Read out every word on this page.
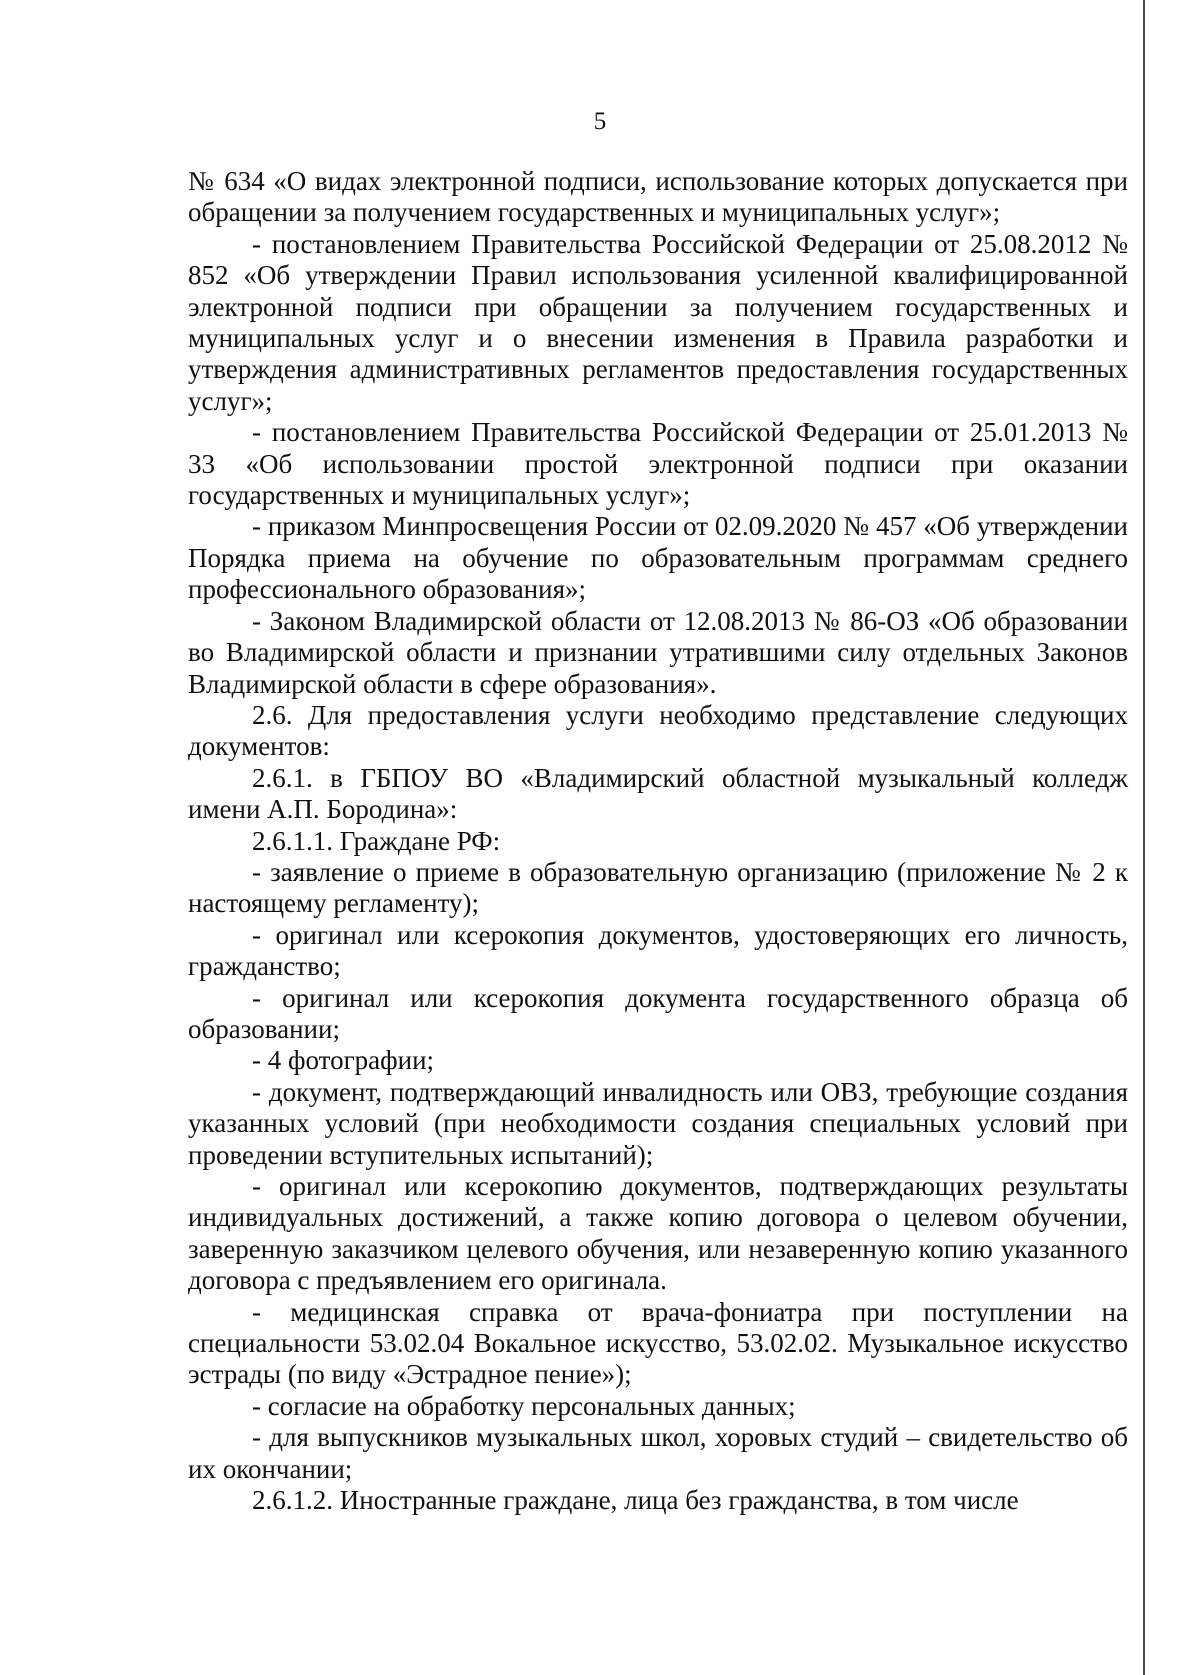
5

№ 634 «О видах электронной подписи, использование которых допускается при обращении за получением государственных и муниципальных услуг»;

- постановлением Правительства Российской Федерации от 25.08.2012 № 852 «Об утверждении Правил использования усиленной квалифицированной электронной подписи при обращении за получением государственных и муниципальных услуг и о внесении изменения в Правила разработки и утверждения административных регламентов предоставления государственных услуг»;

- постановлением Правительства Российской Федерации от 25.01.2013 № 33 «Об использовании простой электронной подписи при оказании государственных и муниципальных услуг»;

- приказом Минпросвещения России от 02.09.2020 № 457 «Об утверждении Порядка приема на обучение по образовательным программам среднего профессионального образования»;

- Законом Владимирской области от 12.08.2013 № 86-ОЗ «Об образовании во Владимирской области и признании утратившими силу отдельных Законов Владимирской области в сфере образования».

2.6. Для предоставления услуги необходимо представление следующих документов:

2.6.1. в ГБПОУ ВО «Владимирский областной музыкальный колледж имени А.П. Бородина»:

2.6.1.1. Граждане РФ:

- заявление о приеме в образовательную организацию (приложение № 2 к настоящему регламенту);

- оригинал или ксерокопия документов, удостоверяющих его личность, гражданство;

- оригинал или ксерокопия документа государственного образца об образовании;

- 4 фотографии;

- документ, подтверждающий инвалидность или ОВЗ, требующие создания указанных условий (при необходимости создания специальных условий при проведении вступительных испытаний);

- оригинал или ксерокопию документов, подтверждающих результаты индивидуальных достижений, а также копию договора о целевом обучении, заверенную заказчиком целевого обучения, или незаверенную копию указанного договора с предъявлением его оригинала.

- медицинская справка от врача-фониатра при поступлении на специальности 53.02.04 Вокальное искусство, 53.02.02. Музыкальное искусство эстрады (по виду «Эстрадное пение»);

- согласие на обработку персональных данных;

- для выпускников музыкальных школ, хоровых студий – свидетельство об их окончании;

2.6.1.2. Иностранные граждане, лица без гражданства, в том числе
